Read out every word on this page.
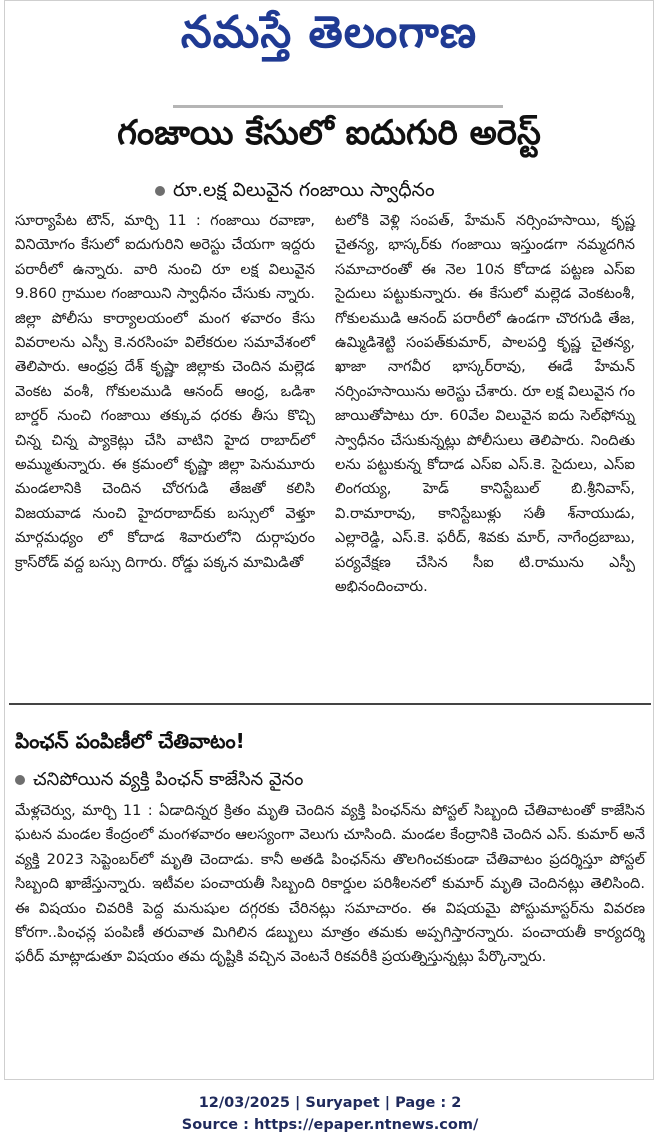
నమస్తే తెలంగాణ
గంజాయి కేసులో ఐదుగురి అరెస్ట్
రూ.లక్ష విలువైన గంజాయి స్వాధీనం
సూర్యాపేట టౌన్, మార్చి 11 : గంజాయి రవాణా, వినియోగం కేసులో ఐదుగురిని అరెస్టు చేయగా ఇద్దరు పరారీలో ఉన్నారు. వారి నుంచి రూ లక్ష విలువైన 9.860 గ్రాముల గంజాయిని స్వాధీనం చేసుకు న్నారు. జిల్లా పోలీసు కార్యాలయంలో మంగ ళవారం కేసు వివరాలను ఎస్పీ కె.నరసింహ విలేకరుల సమావేశంలో తెలిపారు. ఆంధ్రప్ర దేశ్ కృష్ణా జిల్లాకు చెందిన మల్లెడ వెంకట వంశీ, గోకులముడి ఆనంద్ ఆంధ్ర, ఒడిశా బార్డర్ నుంచి గంజాయి తక్కువ ధరకు తీసు కొచ్చి చిన్న చిన్న ప్యాకెట్లు చేసి వాటిని హైద రాబాద్‌లో అమ్ముతున్నారు. ఈ క్రమంలో కృష్ణా జిల్లా పెనుమూరు మండలానికి చెందిన చోరగుడి తేజతో కలిసి విజయవాడ నుంచి హైదరాబాద్‌కు బస్సులో వెళ్తూ మార్గమధ్యం లో కోదాడ శివారులోని దుర్గాపురం క్రాస్‌రోడ్ వద్ద బస్సు దిగారు. రోడ్డు పక్కన మామిడితో
టలోకి వెళ్లి సంపత్, హేమన్ నర్సింహసాయి, కృష్ణ చైతన్య, భాస్కర్‌కు గంజాయి ఇస్తుండగా నమ్మదగిన సమాచారంతో ఈ నెల 10న కోదాడ పట్టణ ఎస్ఐ సైదులు పట్టుకున్నారు. ఈ కేసులో మల్లెడ వెంకటంశీ, గోకులముడి ఆనంద్ పరారీలో ఉండగా చొరగుడి తేజ, ఉమ్మిడిశెట్టి సంపత్‌కుమార్, పాలపర్తి కృష్ణ చైతన్య, ఖాజా నాగవీర భాస్కర్‌రావు, ఈడే హేమన్ నర్సింహసాయిను అరెస్టు చేశారు. రూ లక్ష విలువైన గం జాయితోపాటు రూ. 60వేల విలువైన ఐదు సెల్‌ఫోన్ను స్వాధీనం చేసుకున్నట్లు పోలీసులు తెలిపారు. నిందితు లను పట్టుకున్న కోదాడ ఎస్ఐ ఎస్.కె. సైదులు, ఎస్ఐ లింగయ్య, హెడ్ కానిస్టేబుల్ బి.శ్రీనివాస్, వి.రామారావు, కానిస్టేబుళ్లు సతీ శ్‌నాయుడు, ఎల్లారెడ్డి, ఎస్.కె. ఫరీద్, శివకు మార్, నాగేంద్రబాబు, పర్యవేక్షణ చేసిన సీఐ టి.రామును ఎస్పీ అభినందించారు.
పింఛన్ పంపిణీలో చేతివాటం!
చనిపోయిన వ్యక్తి పింఛన్ కాజేసిన వైనం
మేళ్లచెర్వు, మార్చి 11 : ఏడాదిన్నర క్రితం మృతి చెందిన వ్యక్తి పింఛన్‌ను పోస్టల్ సిబ్బంది చేతివాటంతో కాజేసిన ఘటన మండల కేంద్రంలో మంగళవారం ఆలస్యంగా వెలుగు చూసింది. మండల కేంద్రానికి చెందిన ఎస్. కుమార్ అనే వ్యక్తి 2023 సెప్టెంబర్‌లో మృతి చెందాడు. కానీ అతడి పింఛన్‌ను తొలగించకుండా చేతివాటం ప్రదర్శిస్తూ పోస్టల్ సిబ్బంది ఖాజేస్తున్నారు. ఇటీవల పంచాయతీ సిబ్బంది రికార్డుల పరిశీలనలో కుమార్ మృతి చెందినట్లు తెలిసింది. ఈ విషయం చివరికి పెద్ద మనుషుల దగ్గరకు చేరినట్లు సమాచారం. ఈ విషయమై పోస్టుమాస్టర్‌ను వివరణ కోరగా..పింఛన్ల పంపిణీ తరువాత మిగిలిన డబ్బులు మాత్రం తమకు అప్పగిస్తారన్నారు. పంచాయతీ కార్యదర్శి ఫరీద్ మాట్లాడుతూ విషయం తమ దృష్టికి వచ్చిన వెంటనే రికవరీకి ప్రయత్నిస్తున్నట్లు పేర్కొన్నారు.
12/03/2025 | Suryapet | Page : 2
Source : https://epaper.ntnews.com/
